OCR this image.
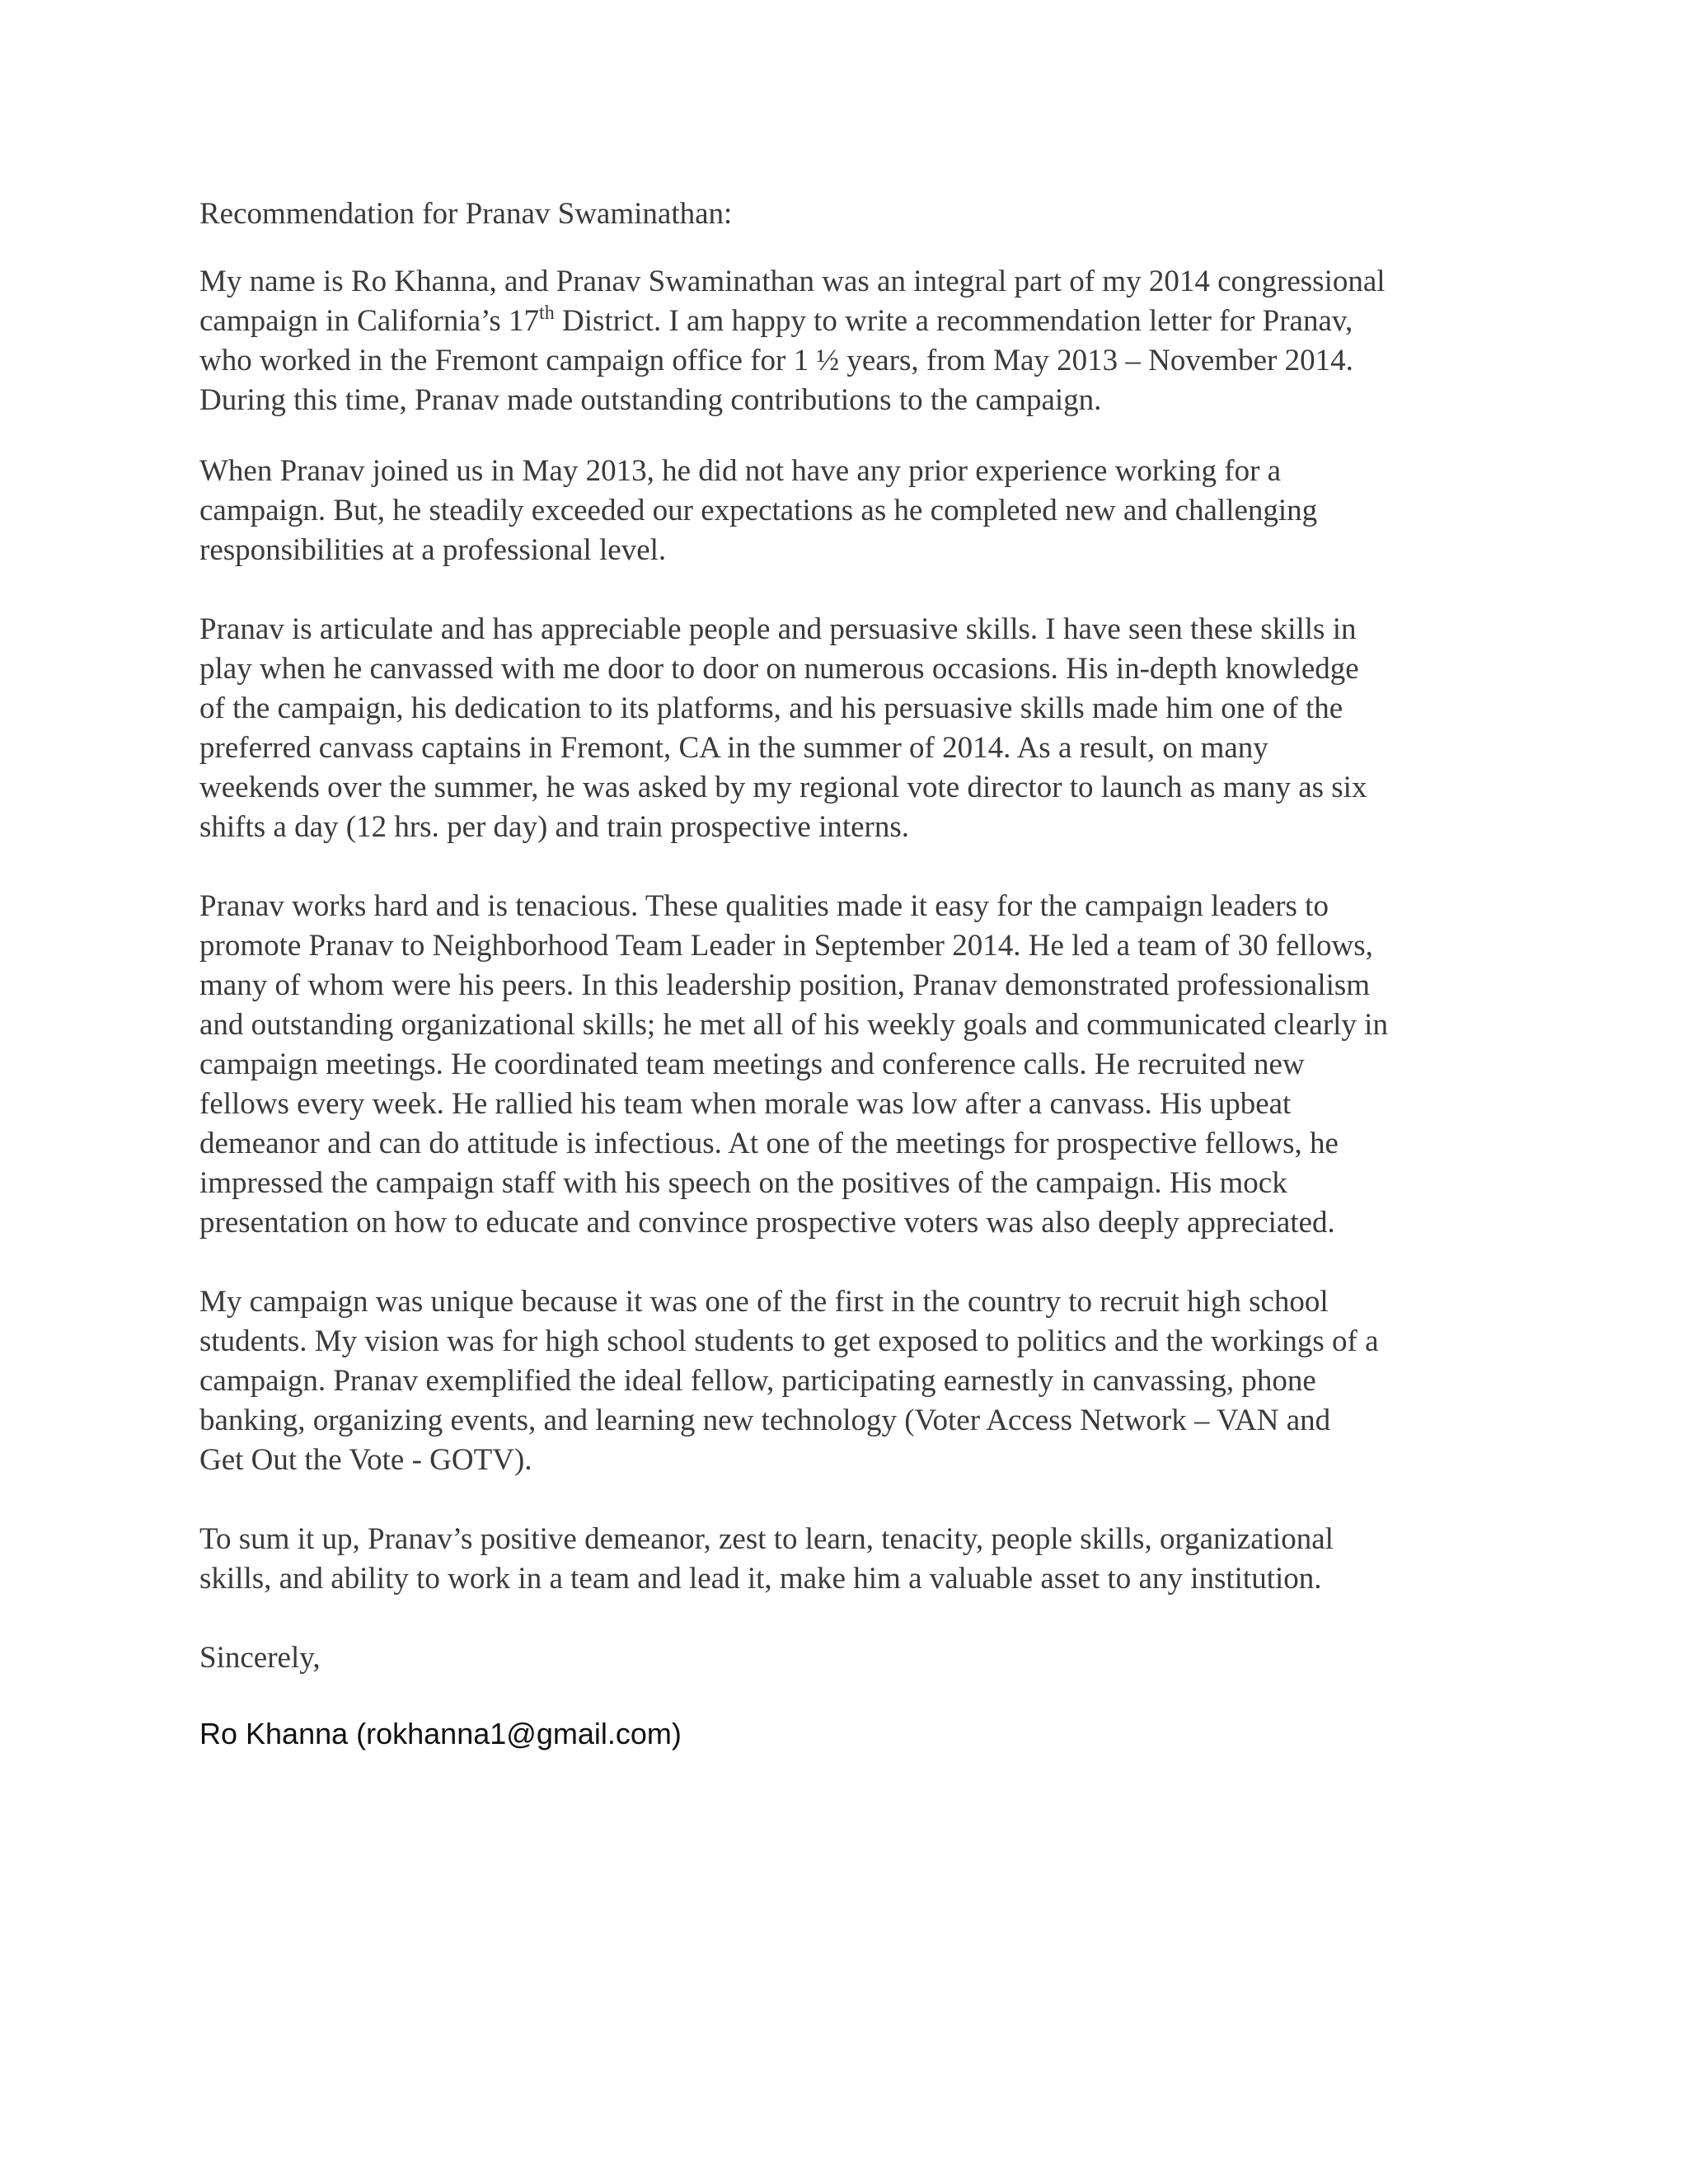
Recommendation for Pranav Swaminathan:

My name is Ro Khanna, and Pranav Swaminathan was an integral part of my 2014 congressional
campaign in California’s 17th District. I am happy to write a recommendation letter for Pranav,
who worked in the Fremont campaign office for 1 ½ years, from May 2013 – November 2014.
During this time, Pranav made outstanding contributions to the campaign.

When Pranav joined us in May 2013, he did not have any prior experience working for a
campaign. But, he steadily exceeded our expectations as he completed new and challenging
responsibilities at a professional level.

Pranav is articulate and has appreciable people and persuasive skills. I have seen these skills in
play when he canvassed with me door to door on numerous occasions. His in-depth knowledge
of the campaign, his dedication to its platforms, and his persuasive skills made him one of the
preferred canvass captains in Fremont, CA in the summer of 2014. As a result, on many
weekends over the summer, he was asked by my regional vote director to launch as many as six
shifts a day (12 hrs. per day) and train prospective interns.

Pranav works hard and is tenacious. These qualities made it easy for the campaign leaders to
promote Pranav to Neighborhood Team Leader in September 2014. He led a team of 30 fellows,
many of whom were his peers. In this leadership position, Pranav demonstrated professionalism
and outstanding organizational skills; he met all of his weekly goals and communicated clearly in
campaign meetings. He coordinated team meetings and conference calls. He recruited new
fellows every week. He rallied his team when morale was low after a canvass. His upbeat
demeanor and can do attitude is infectious. At one of the meetings for prospective fellows, he
impressed the campaign staff with his speech on the positives of the campaign. His mock
presentation on how to educate and convince prospective voters was also deeply appreciated.

My campaign was unique because it was one of the first in the country to recruit high school
students. My vision was for high school students to get exposed to politics and the workings of a
campaign. Pranav exemplified the ideal fellow, participating earnestly in canvassing, phone
banking, organizing events, and learning new technology (Voter Access Network – VAN and
Get Out the Vote - GOTV).

To sum it up, Pranav’s positive demeanor, zest to learn, tenacity, people skills, organizational
skills, and ability to work in a team and lead it, make him a valuable asset to any institution.

Sincerely,

Ro Khanna (rokhanna1@gmail.com)
